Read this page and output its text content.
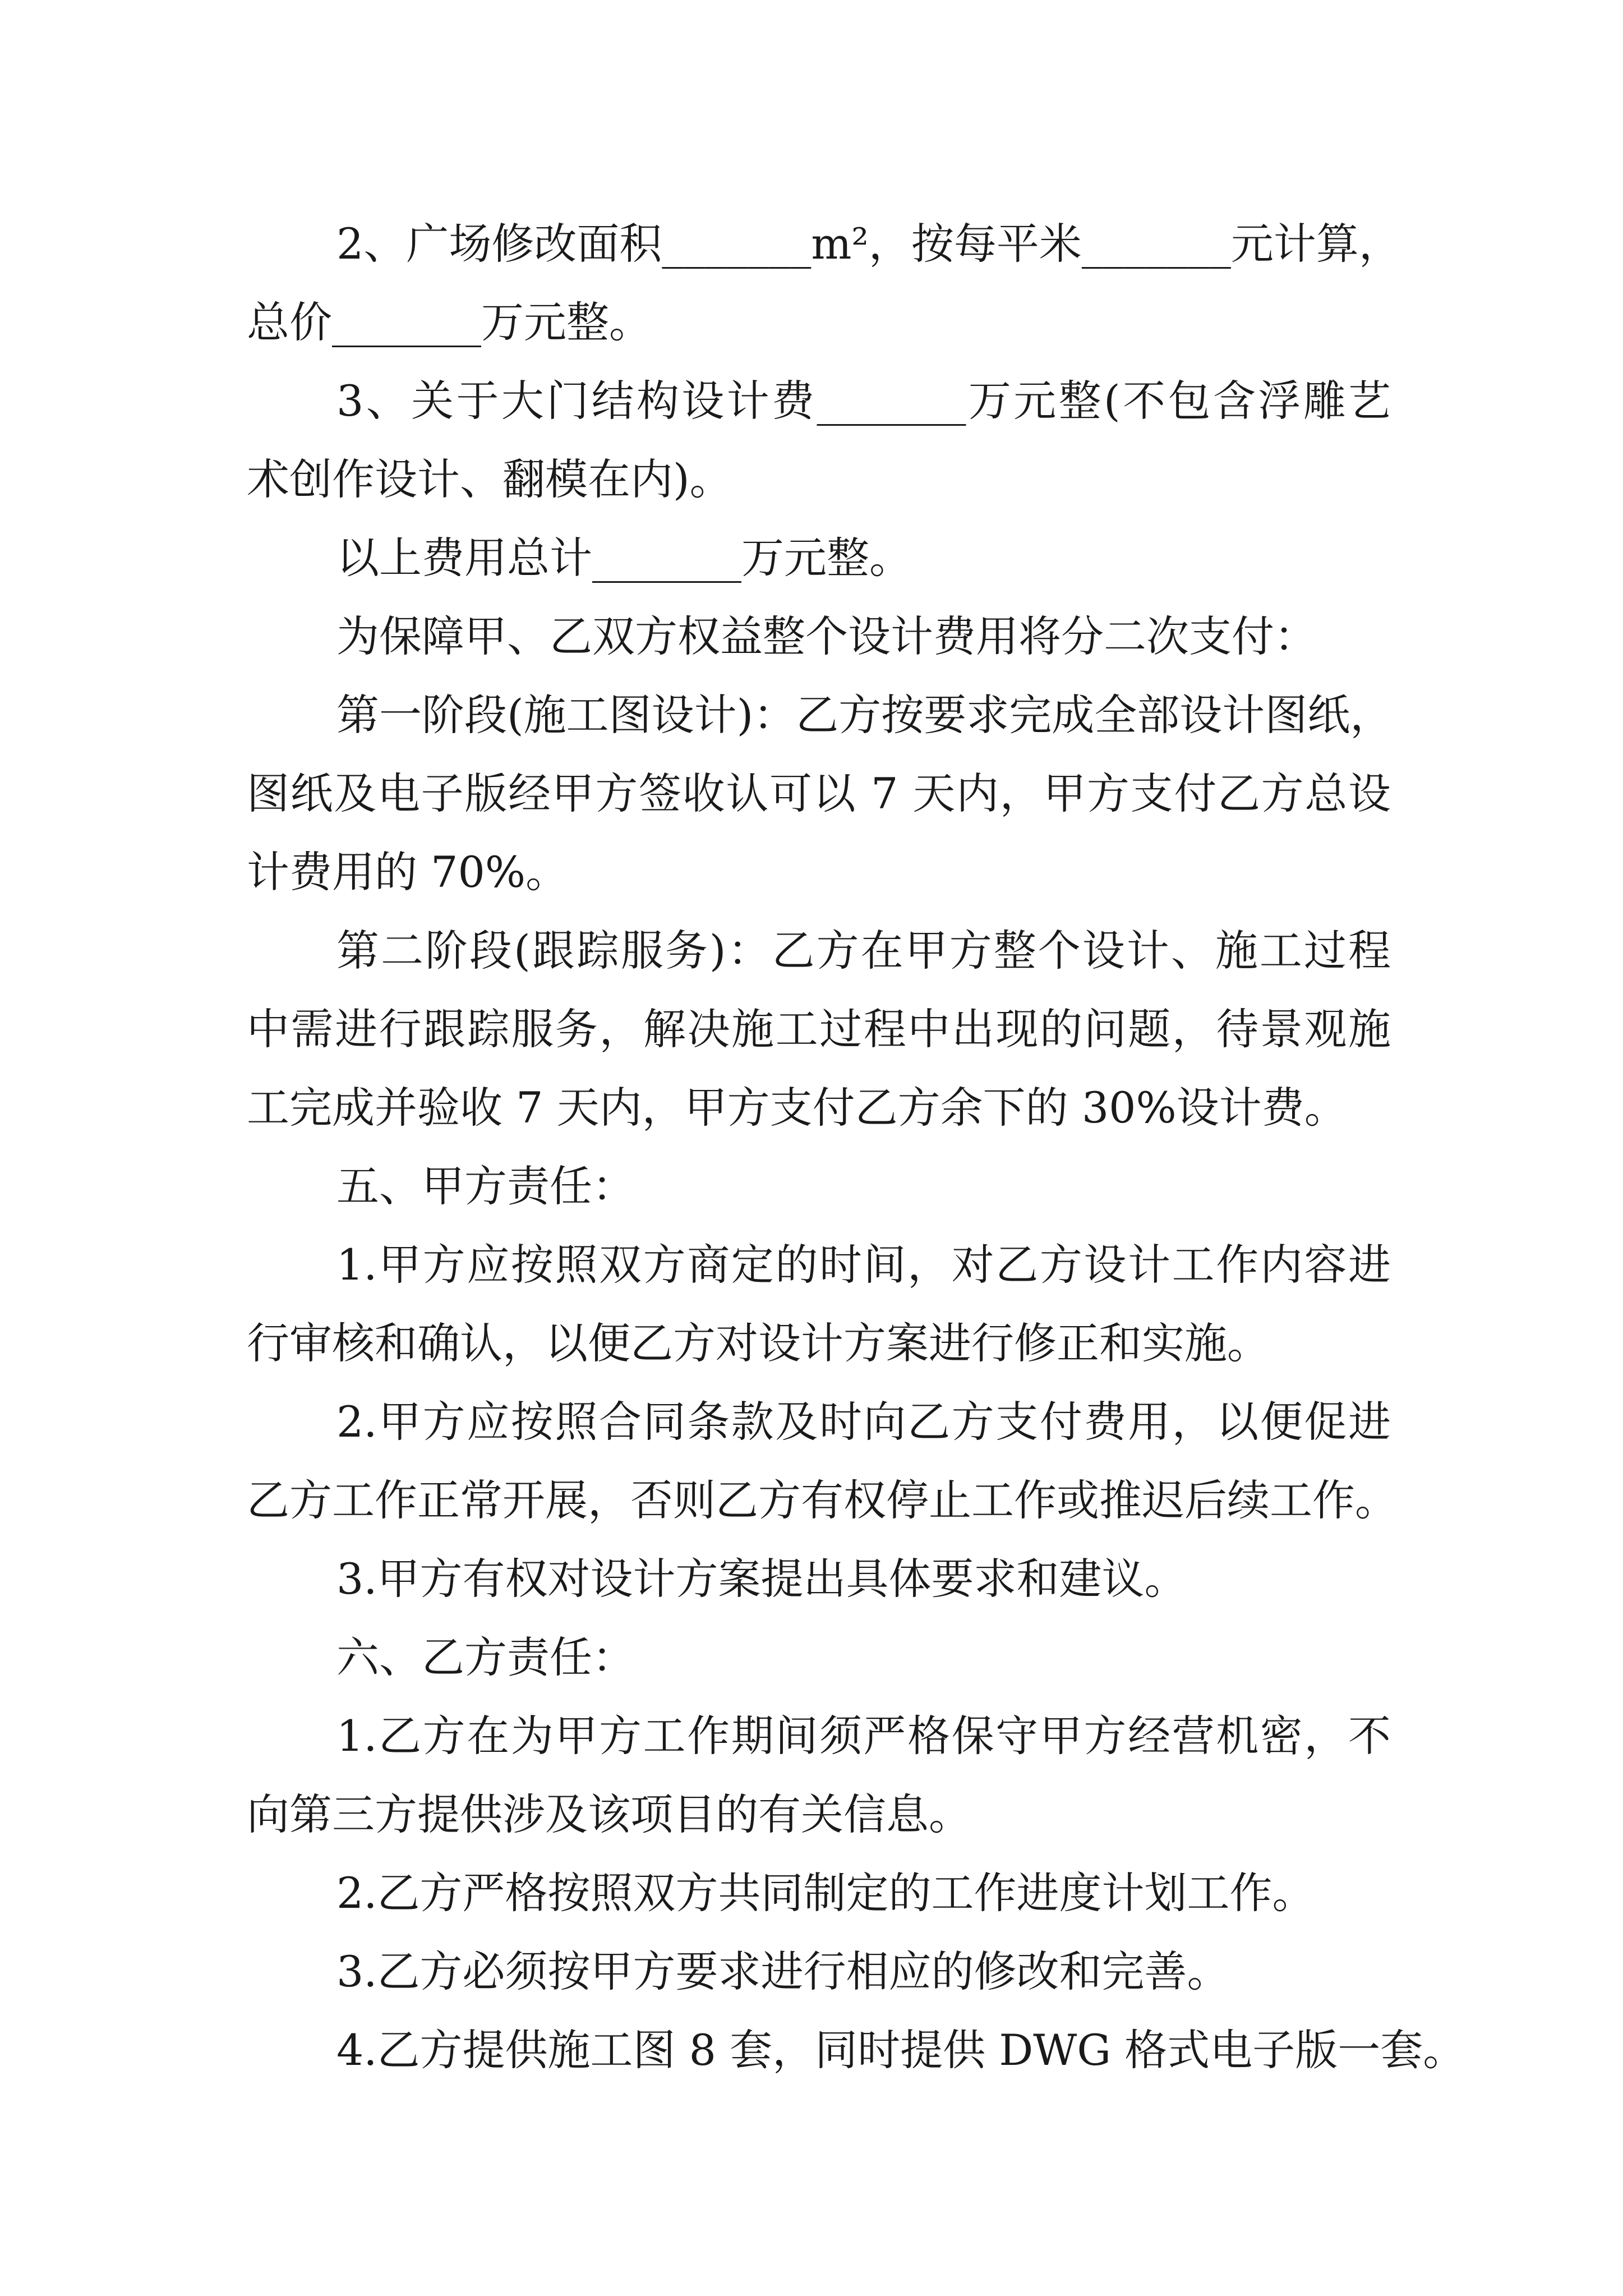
2、广场修改面积_______m²，按每平米_______元计算，

总价_______万元整。

3、关于大门结构设计费_______万元整(不包含浮雕艺

术创作设计、翻模在内)。

以上费用总计_______万元整。

为保障甲、乙双方权益整个设计费用将分二次支付：

第一阶段(施工图设计)：乙方按要求完成全部设计图纸，

图纸及电子版经甲方签收认可以 7 天内，甲方支付乙方总设

计费用的 70%。

第二阶段(跟踪服务)：乙方在甲方整个设计、施工过程

中需进行跟踪服务，解决施工过程中出现的问题，待景观施

工完成并验收 7 天内，甲方支付乙方余下的 30%设计费。

五、甲方责任：

1.甲方应按照双方商定的时间，对乙方设计工作内容进

行审核和确认，以便乙方对设计方案进行修正和实施。

2.甲方应按照合同条款及时向乙方支付费用，以便促进

乙方工作正常开展，否则乙方有权停止工作或推迟后续工作。

3.甲方有权对设计方案提出具体要求和建议。

六、乙方责任：

1.乙方在为甲方工作期间须严格保守甲方经营机密，不

向第三方提供涉及该项目的有关信息。

2.乙方严格按照双方共同制定的工作进度计划工作。

3.乙方必须按甲方要求进行相应的修改和完善。

4.乙方提供施工图 8 套，同时提供 DWG 格式电子版一套。
